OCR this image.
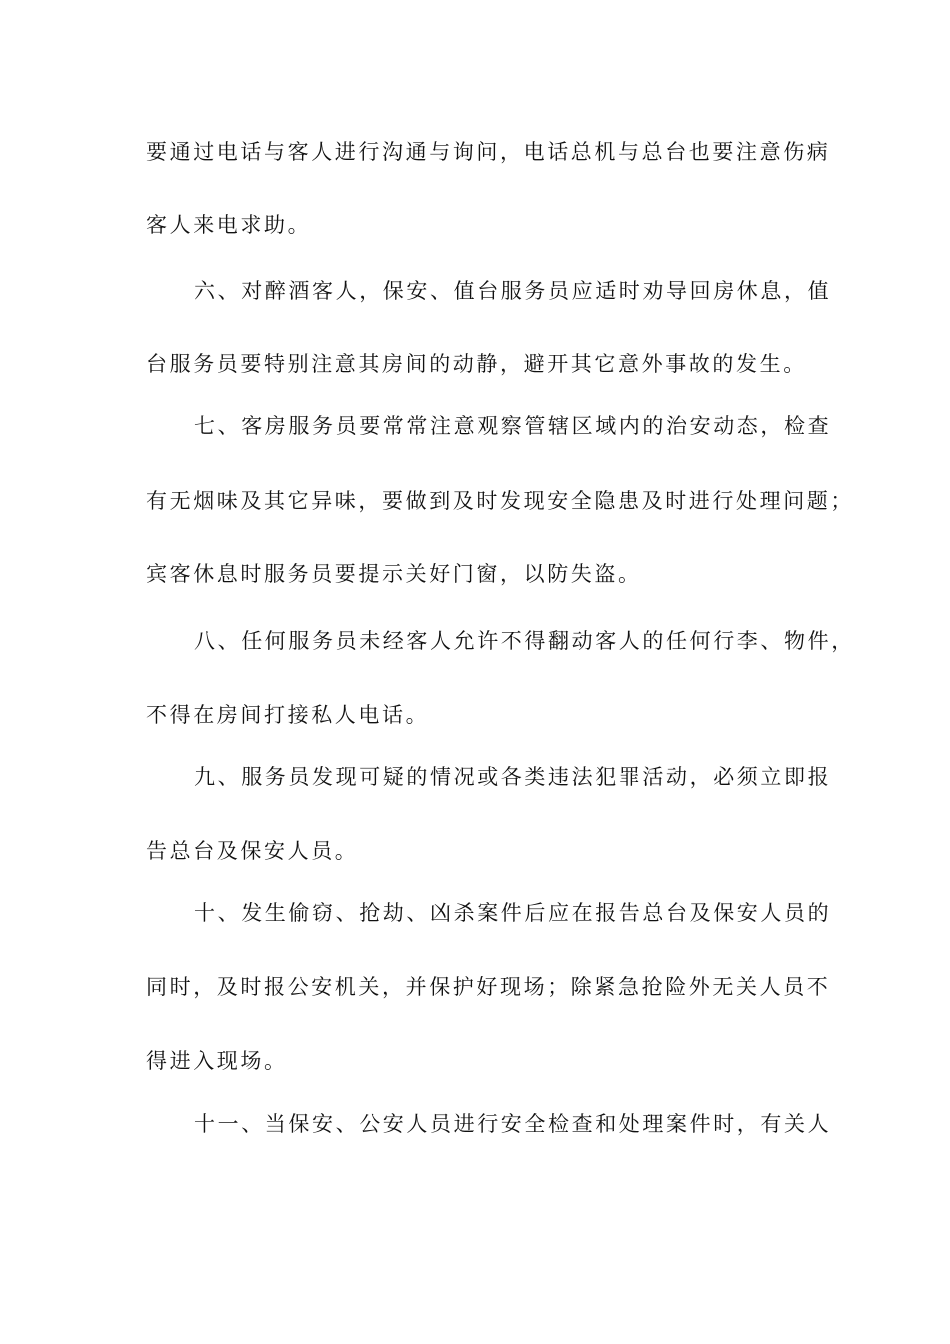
要通过电话与客人进行沟通与询问，电话总机与总台也要注意伤病
客人来电求助。
六、对醉酒客人，保安、值台服务员应适时劝导回房休息，值
台服务员要特别注意其房间的动静，避开其它意外事故的发生。
七、客房服务员要常常注意观察管辖区域内的治安动态，检查
有无烟味及其它异味，要做到及时发现安全隐患及时进行处理问题；
宾客休息时服务员要提示关好门窗，以防失盗。
八、任何服务员未经客人允许不得翻动客人的任何行李、物件，
不得在房间打接私人电话。
九、服务员发现可疑的情况或各类违法犯罪活动，必须立即报
告总台及保安人员。
十、发生偷窃、抢劫、凶杀案件后应在报告总台及保安人员的
同时，及时报公安机关，并保护好现场；除紧急抢险外无关人员不
得进入现场。
十一、当保安、公安人员进行安全检查和处理案件时，有关人
